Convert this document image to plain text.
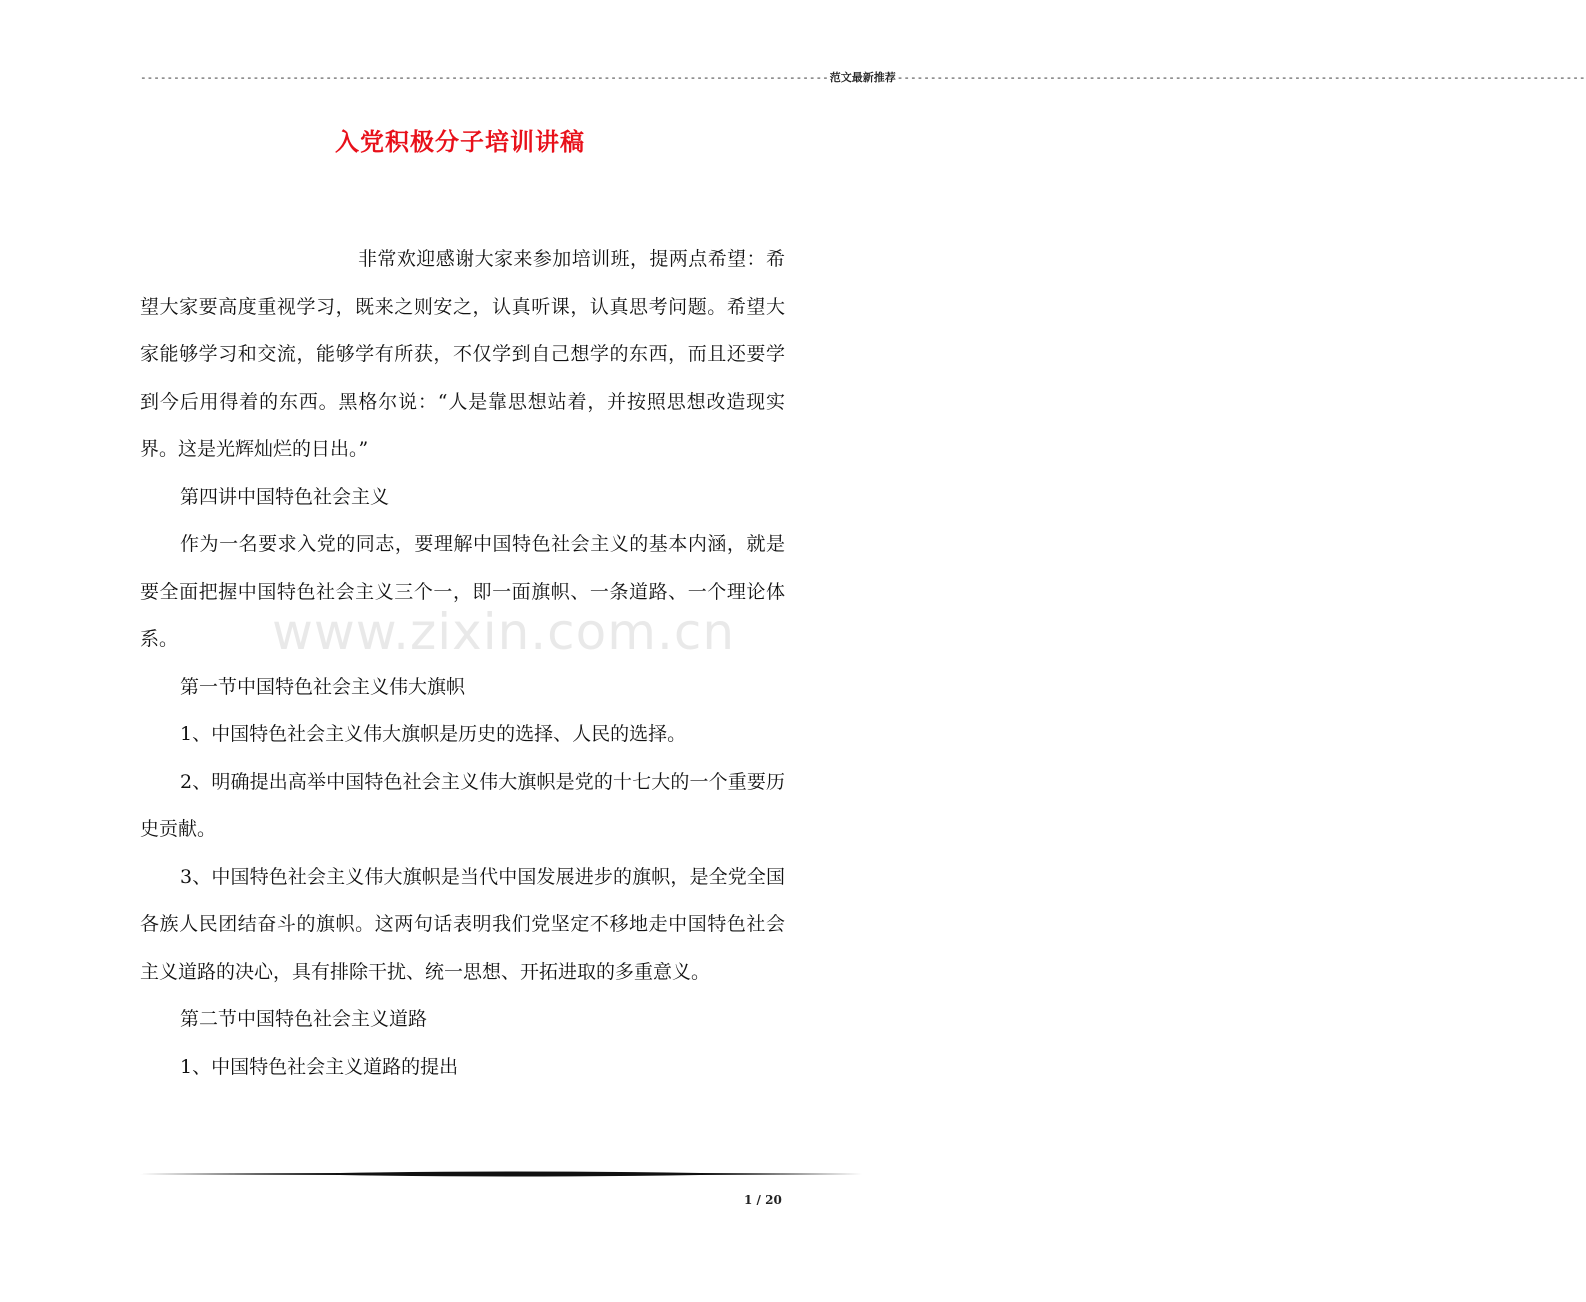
-------------------------------------------------------------------------------------------------------- 范文最新推荐 --------------------------------------------------------------------------------------------------------
入党积极分子培训讲稿

非常欢迎感谢大家来参加培训班，提两点希望：希望大家要高度重视学习，既来之则安之，认真听课，认真思考问题。希望大家能够学习和交流，能够学有所获，不仅学到自己想学的东西，而且还要学到今后用得着的东西。黑格尔说：“人是靠思想站着，并按照思想改造现实界。这是光辉灿烂的日出。”

第四讲中国特色社会主义

作为一名要求入党的同志，要理解中国特色社会主义的基本内涵，就是要全面把握中国特色社会主义三个一，即一面旗帜、一条道路、一个理论体系。

第一节中国特色社会主义伟大旗帜

1、中国特色社会主义伟大旗帜是历史的选择、人民的选择。

2、明确提出高举中国特色社会主义伟大旗帜是党的十七大的一个重要历史贡献。

3、中国特色社会主义伟大旗帜是当代中国发展进步的旗帜，是全党全国各族人民团结奋斗的旗帜。这两句话表明我们党坚定不移地走中国特色社会主义道路的决心，具有排除干扰、统一思想、开拓进取的多重意义。

第二节中国特色社会主义道路

1、中国特色社会主义道路的提出

www.zixin.com.cn
1 / 20
